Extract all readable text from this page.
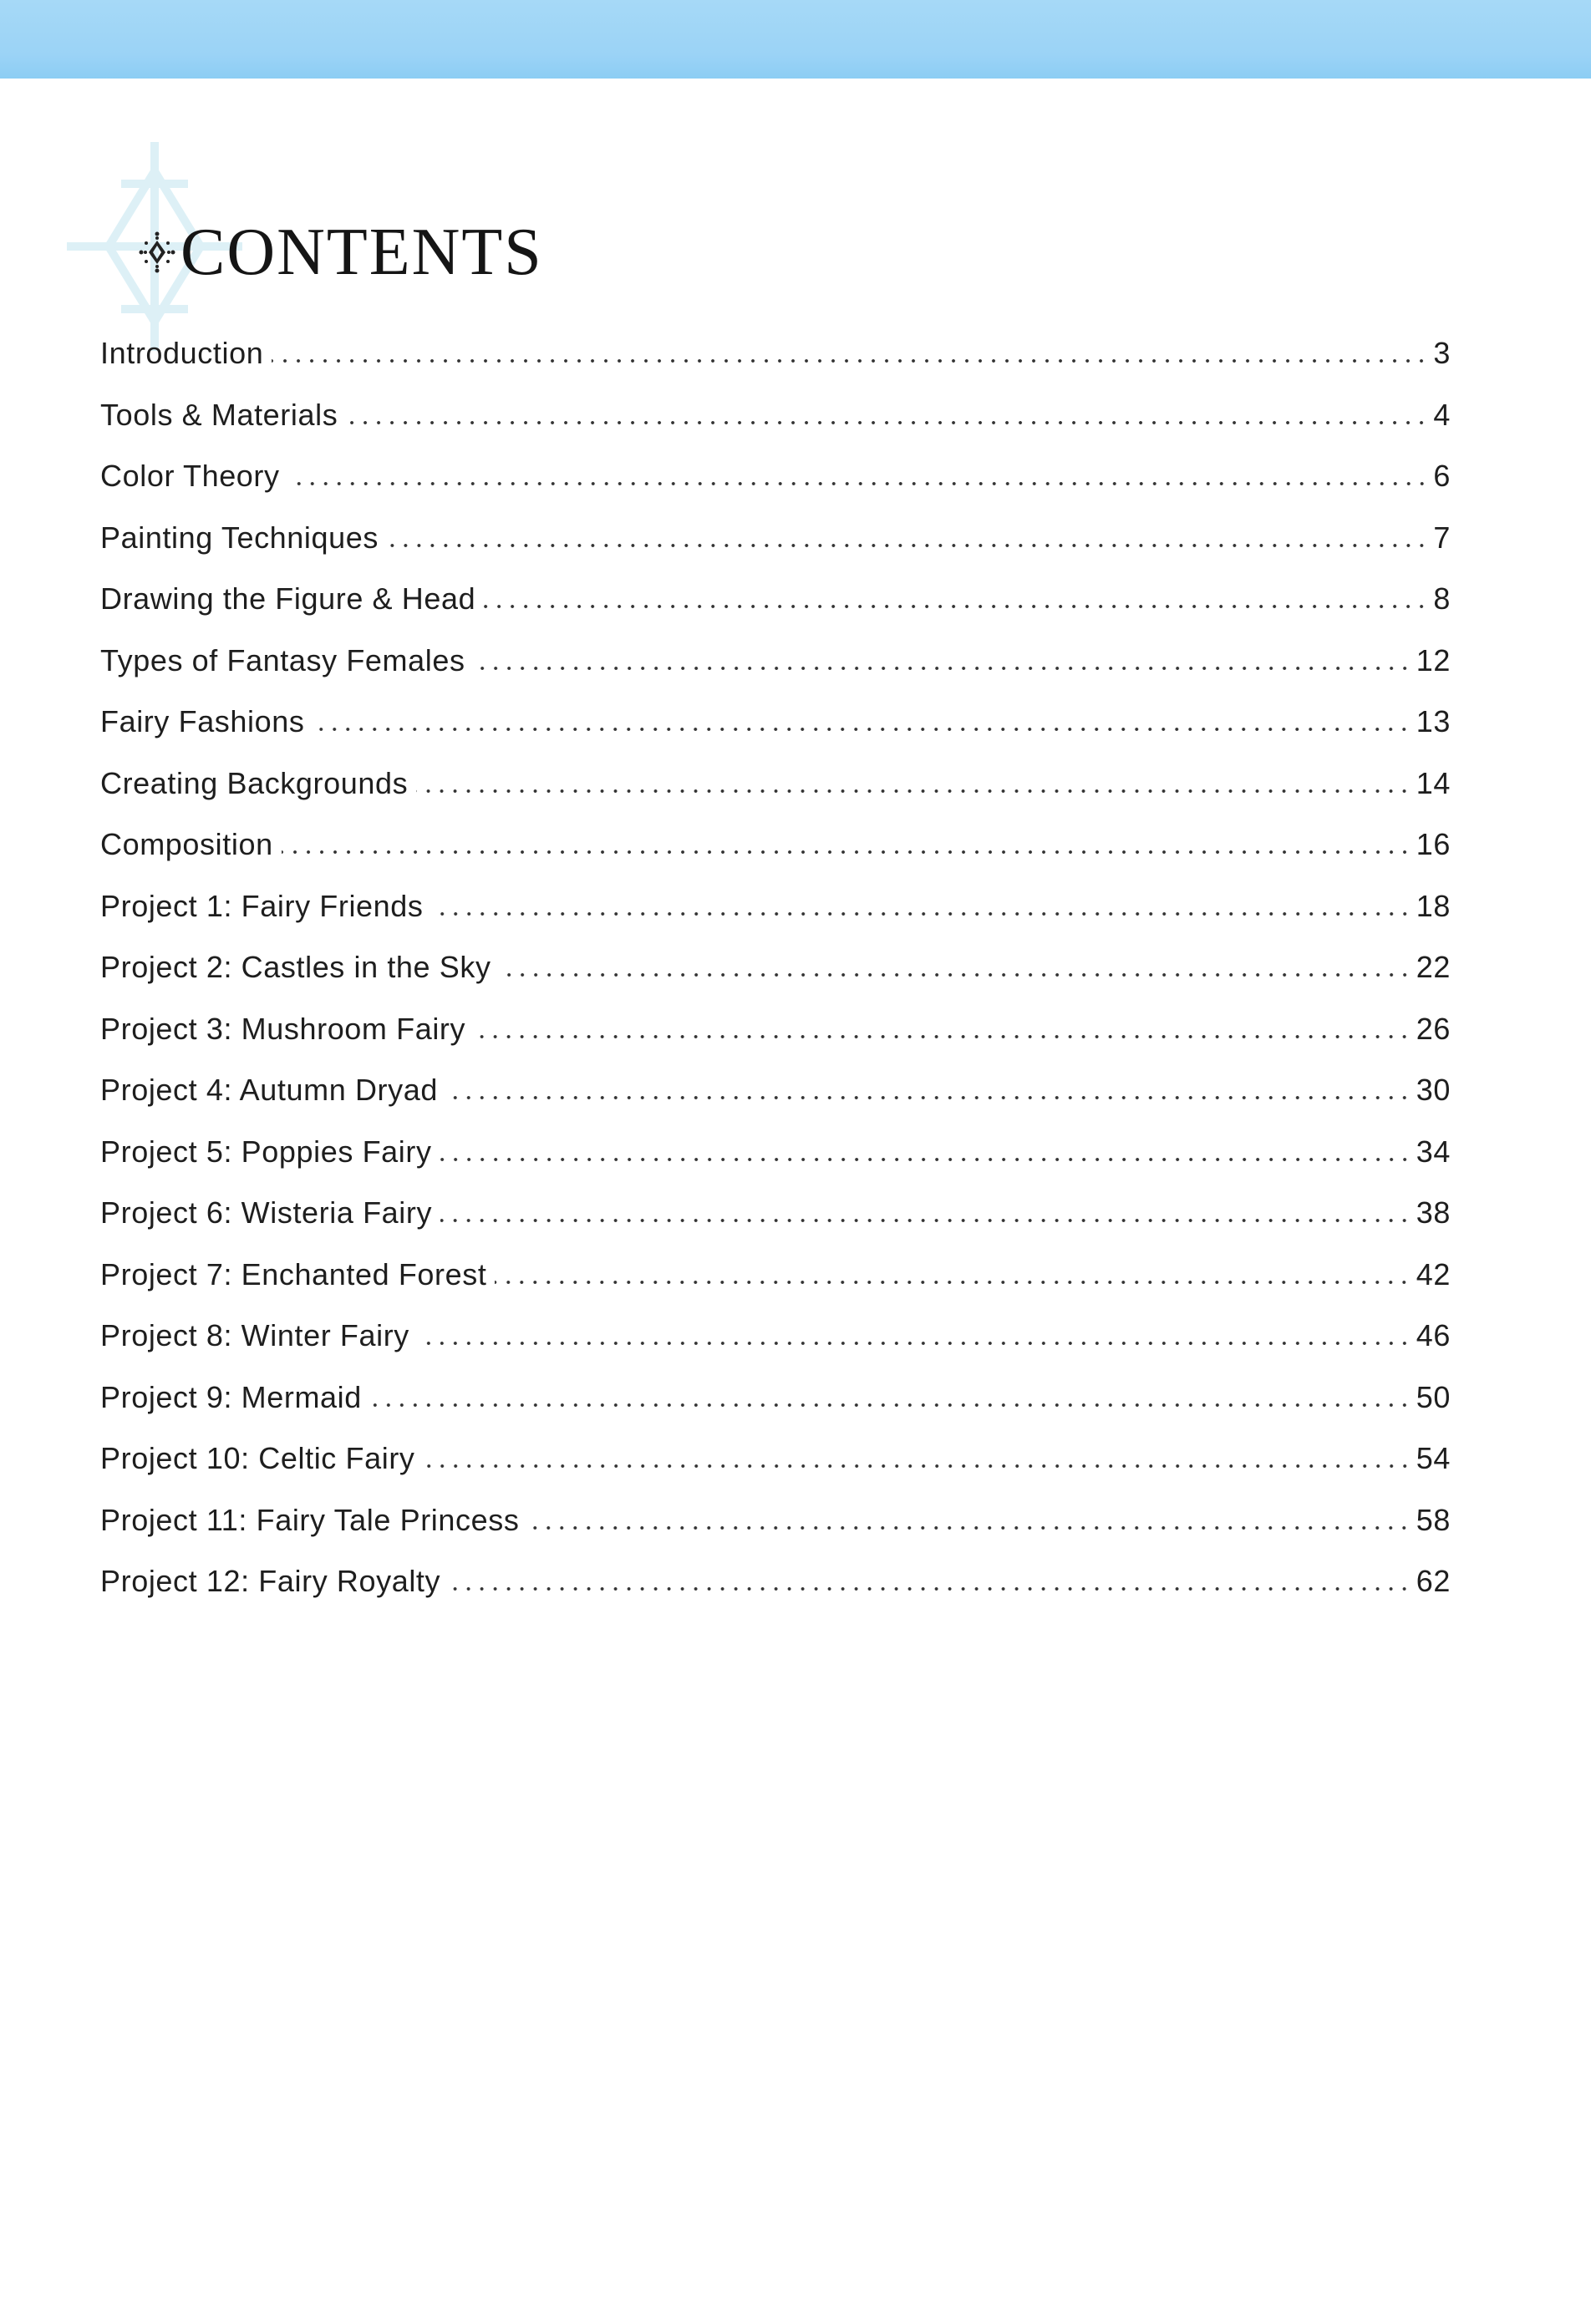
CONTENTS
Introduction	3
Tools & Materials	4
Color Theory	6
Painting Techniques	7
Drawing the Figure & Head	8
Types of Fantasy Females	12
Fairy Fashions	13
Creating Backgrounds	14
Composition	16
Project 1: Fairy Friends	18
Project 2: Castles in the Sky	22
Project 3: Mushroom Fairy	26
Project 4: Autumn Dryad	30
Project 5: Poppies Fairy	34
Project 6: Wisteria Fairy	38
Project 7: Enchanted Forest	42
Project 8: Winter Fairy	46
Project 9: Mermaid	50
Project 10: Celtic Fairy	54
Project 11: Fairy Tale Princess	58
Project 12: Fairy Royalty	62
